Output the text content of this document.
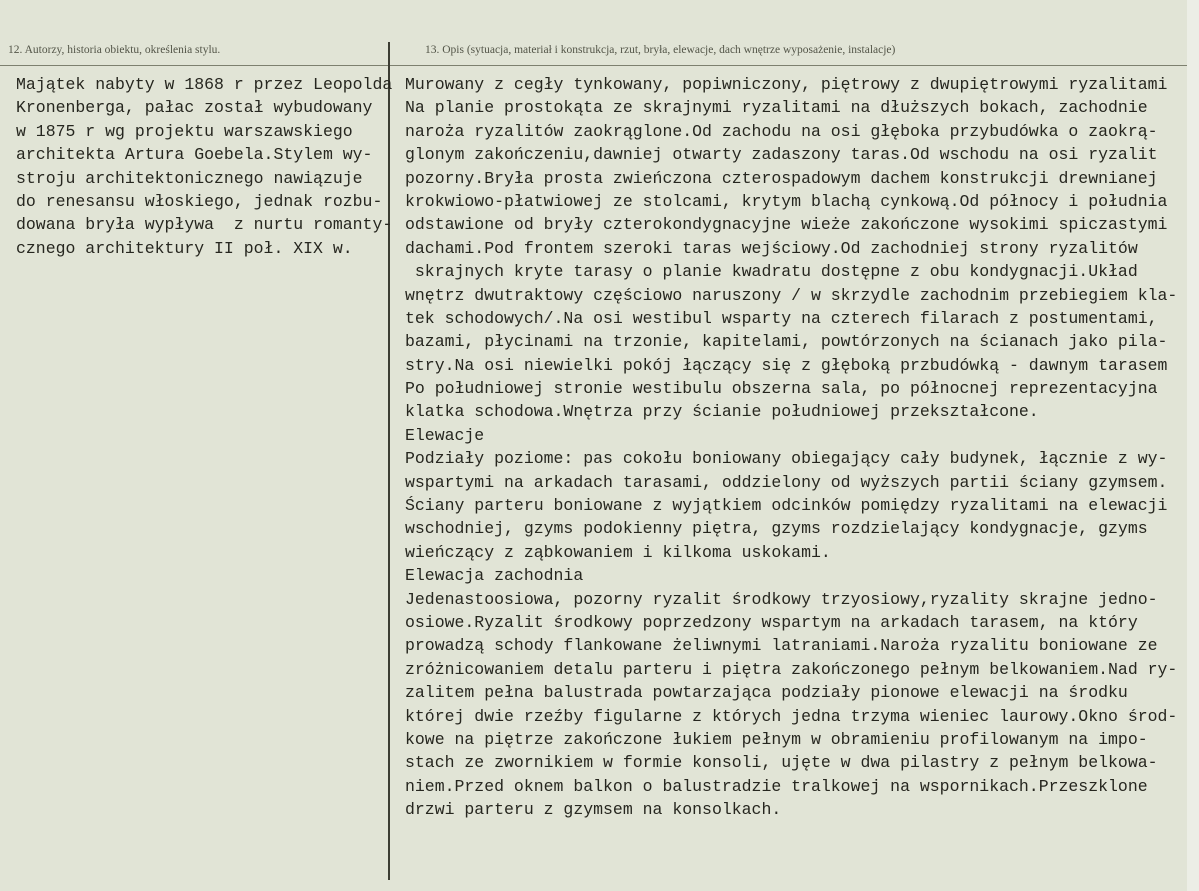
12. Autorzy, historia obiektu, określenia stylu.	13. Opis (sytuacja, materiał i konstrukcja, rzut, bryła, elewacje, dach wnętrze wyposażenie, instalacje)
Majątek nabyty w 1868 r przez Leopolda
Kronenberga, pałac został wybudowany
w 1875 r wg projektu warszawskiego
architekta Artura Goebela.Stylem wy-
stroju architektonicznego nawiązuje
do renesansu włoskiego, jednak rozbu-
dowana bryła wypływa  z nurtu romanty-
cznego architektury II poł. XIX w.
Murowany z cegły tynkowany, popiwniczony, piętrowy z dwupiętrowymi ryzalitami
Na planie prostokąta ze skrajnymi ryzalitami na dłuższych bokach, zachodnie
naroża ryzalitów zaokrąglone.Od zachodu na osi głęboka przybudówka o zaokrą-
glonym zakończeniu,dawniej otwarty zadaszony taras.Od wschodu na osi ryzalit
pozorny.Bryła prosta zwieńczona czterospadowym dachem konstrukcji drewnianej
krokwiowo-płatwiowej ze stolcami, krytym blachą cynkową.Od północy i południa
odstawione od bryły czterokondygnacyjne wieże zakończone wysokimi spiczastymi
dachami.Pod frontem szeroki taras wejściowy.Od zachodniej strony ryzalitów
skrajnych kryte tarasy o planie kwadratu dostępne z obu kondygnacji.Układ
wnętrz dwutraktowy częściowo naruszony / w skrzydle zachodnim przebiegiem kla-
tek schodowych/.Na osi westibul wsparty na czterech filarach z postumentami,
bazami, płycinami na trzonie, kapitelami, powtórzonych na ścianach jako pila-
stry.Na osi niewielki pokój łączący się z głęboką przbudówką - dawnym tarasem
Po południowej stronie westibulu obszerna sala, po północnej reprezentacyjna
klatka schodowa.Wnętrza przy ścianie południowej przekształcone.
Elewacje
Podziały poziome: pas cokołu boniowany obiegający cały budynek, łącznie z wy-
wspartymi na arkadach tarasami, oddzielony od wyższych partii ściany gzymsem.
Ściany parteru boniowane z wyjątkiem odcinków pomiędzy ryzalitami na elewacji
wschodniej, gzyms podokienny piętra, gzyms rozdzielający kondygnacje, gzyms
wieńczący z ząbkowaniem i kilkoma uskokami.
Elewacja zachodnia
Jedenastoosiowa, pozorny ryzalit środkowy trzyosiowy,ryzality skrajne jedno-
osiowe.Ryzalit środkowy poprzedzony wspartym na arkadach tarasem, na który
prowadzą schody flankowane żeliwnymi latraniami.Naroża ryzalitu boniowane ze
zróżnicowaniem detalu parteru i piętra zakończonego pełnym belkowaniem.Nad ry-
zalitem pełna balustrada powtarzająca podziały pionowe elewacji na środku
której dwie rzeźby figularne z których jedna trzyma wieniec laurowy.Okno środ-
kowe na piętrze zakończone łukiem pełnym w obramieniu profilowanym na impo-
stach ze zwornikiem w formie konsoli, ujęte w dwa pilastry z pełnym belkowa-
niem.Przed oknem balkon o balustradzie tralkowej na wspornikach.Przeszklone
drzwi parteru z gzymsem na konsolkach.
